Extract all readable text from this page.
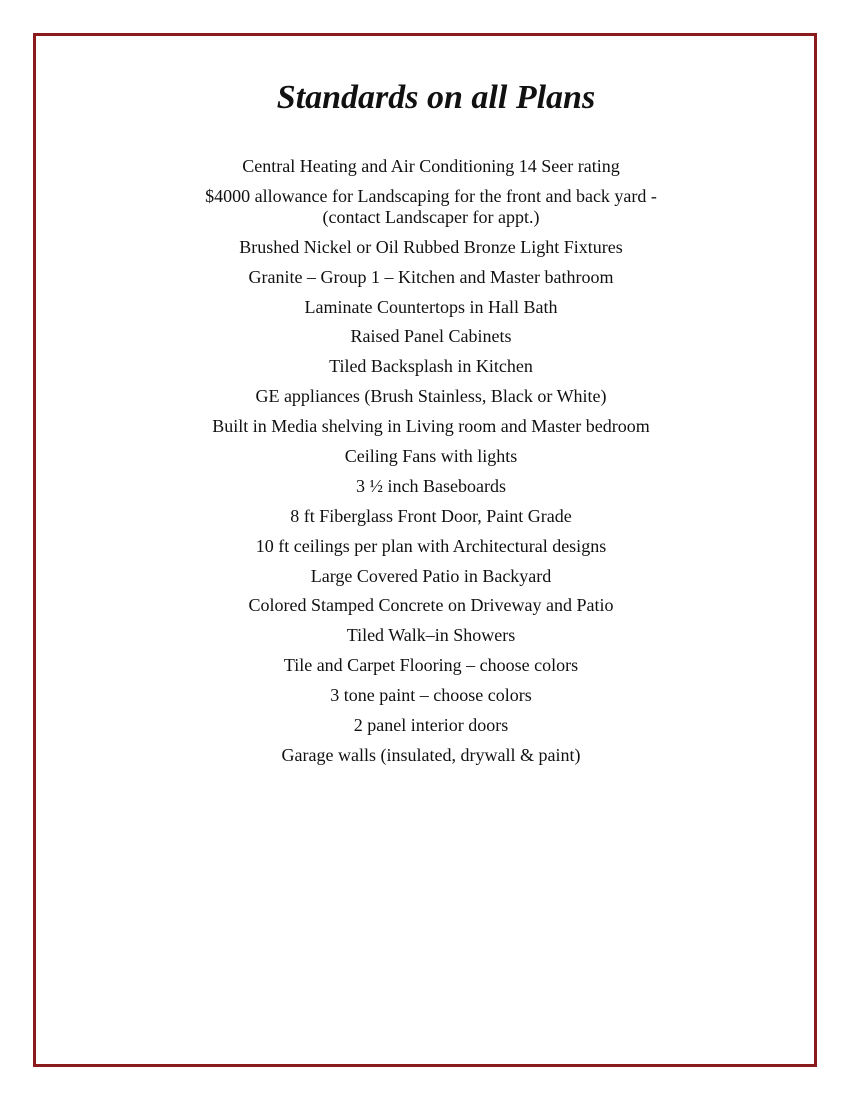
Standards on all Plans
Central Heating and Air Conditioning 14 Seer rating
$4000 allowance for Landscaping for the front and back yard -
(contact Landscaper for appt.)
Brushed Nickel or Oil Rubbed Bronze Light Fixtures
Granite – Group 1 – Kitchen and Master bathroom
Laminate Countertops in Hall Bath
Raised Panel Cabinets
Tiled Backsplash in Kitchen
GE appliances (Brush Stainless, Black or White)
Built in Media shelving in Living room and Master bedroom
Ceiling Fans with lights
3 ½ inch Baseboards
8 ft Fiberglass Front Door, Paint Grade
10 ft ceilings per plan with Architectural designs
Large Covered Patio in Backyard
Colored Stamped Concrete on Driveway and Patio
Tiled Walk–in Showers
Tile and Carpet Flooring – choose colors
3 tone paint – choose colors
2 panel interior doors
Garage walls (insulated, drywall & paint)
